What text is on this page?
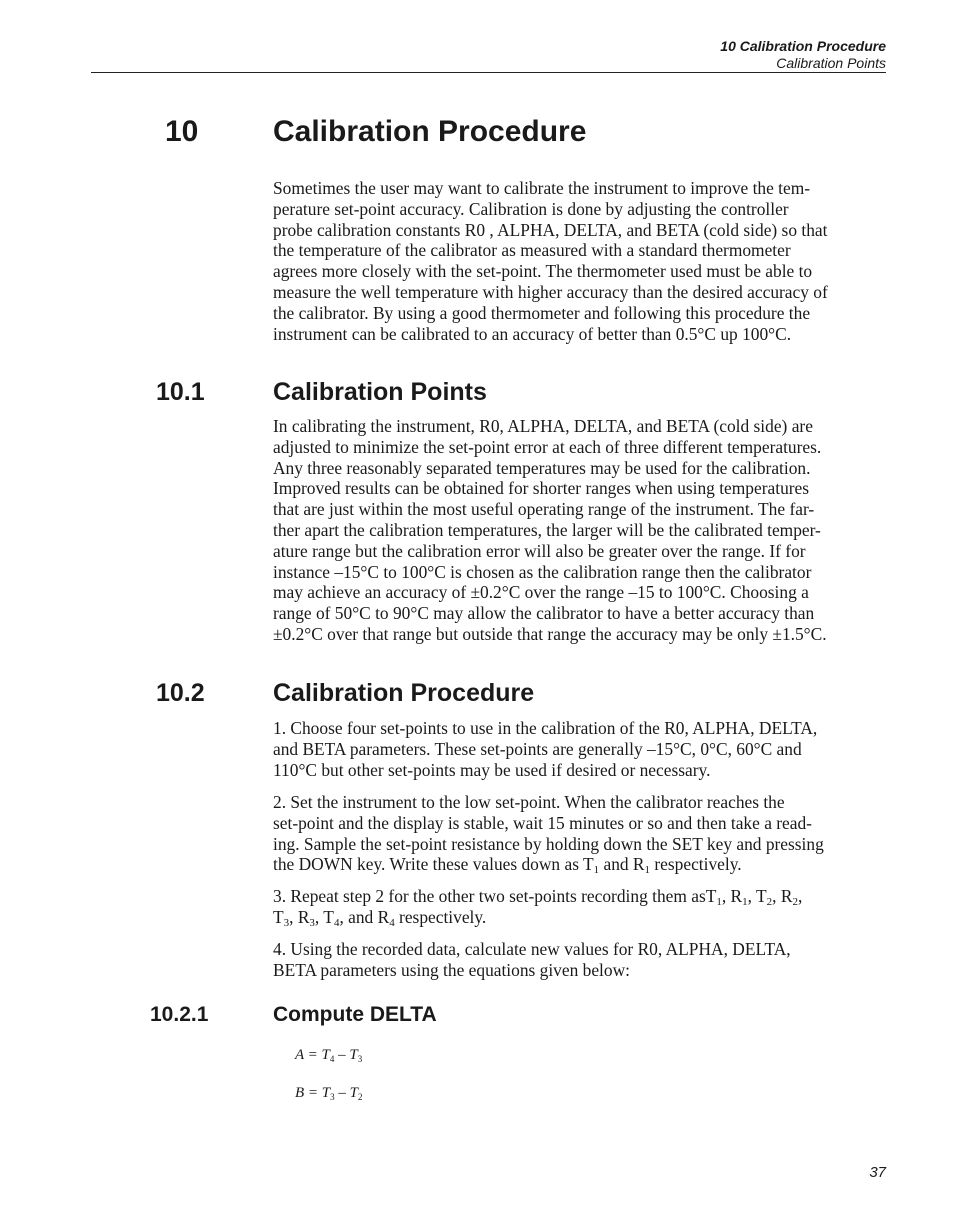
10 Calibration Procedure
Calibration Points
10 Calibration Procedure
Sometimes the user may want to calibrate the instrument to improve the tem-
perature set-point accuracy. Calibration is done by adjusting the controller
probe calibration constants R0 , ALPHA, DELTA, and BETA (cold side) so that
the temperature of the calibrator as measured with a standard thermometer
agrees more closely with the set-point. The thermometer used must be able to
measure the well temperature with higher accuracy than the desired accuracy of
the calibrator. By using a good thermometer and following this procedure the
instrument can be calibrated to an accuracy of better than 0.5°C up 100°C.
10.1	Calibration Points
In calibrating the instrument, R0, ALPHA, DELTA, and BETA (cold side) are
adjusted to minimize the set-point error at each of three different temperatures.
Any three reasonably separated temperatures may be used for the calibration.
Improved results can be obtained for shorter ranges when using temperatures
that are just within the most useful operating range of the instrument. The far-
ther apart the calibration temperatures, the larger will be the calibrated temper-
ature range but the calibration error will also be greater over the range. If for
instance –15°C to 100°C is chosen as the calibration range then the calibrator
may achieve an accuracy of ±0.2°C over the range –15 to 100°C. Choosing a
range of 50°C to 90°C may allow the calibrator to have a better accuracy than
±0.2°C over that range but outside that range the accuracy may be only ±1.5°C.
10.2	Calibration Procedure
1. Choose four set-points to use in the calibration of the R0, ALPHA, DELTA,
and BETA parameters. These set-points are generally –15°C, 0°C, 60°C and
110°C but other set-points may be used if desired or necessary.
2. Set the instrument to the low set-point. When the calibrator reaches the
set-point and the display is stable, wait 15 minutes or so and then take a read-
ing. Sample the set-point resistance by holding down the SET key and pressing
the DOWN key. Write these values down as $T_1$ and $R_1$ respectively.
3. Repeat step 2 for the other two set-points recording them asT$_1$, $R_1$, $T_2$, $R_2$,
$T_3$, $R_3$, $T_4$, and $R_4$ respectively.
4. Using the recorded data, calculate new values for R0, ALPHA, DELTA,
BETA parameters using the equations given below:
10.2.1	Compute DELTA
$A = T_4 - T_3$
$B = T_3 - T_2$
37
